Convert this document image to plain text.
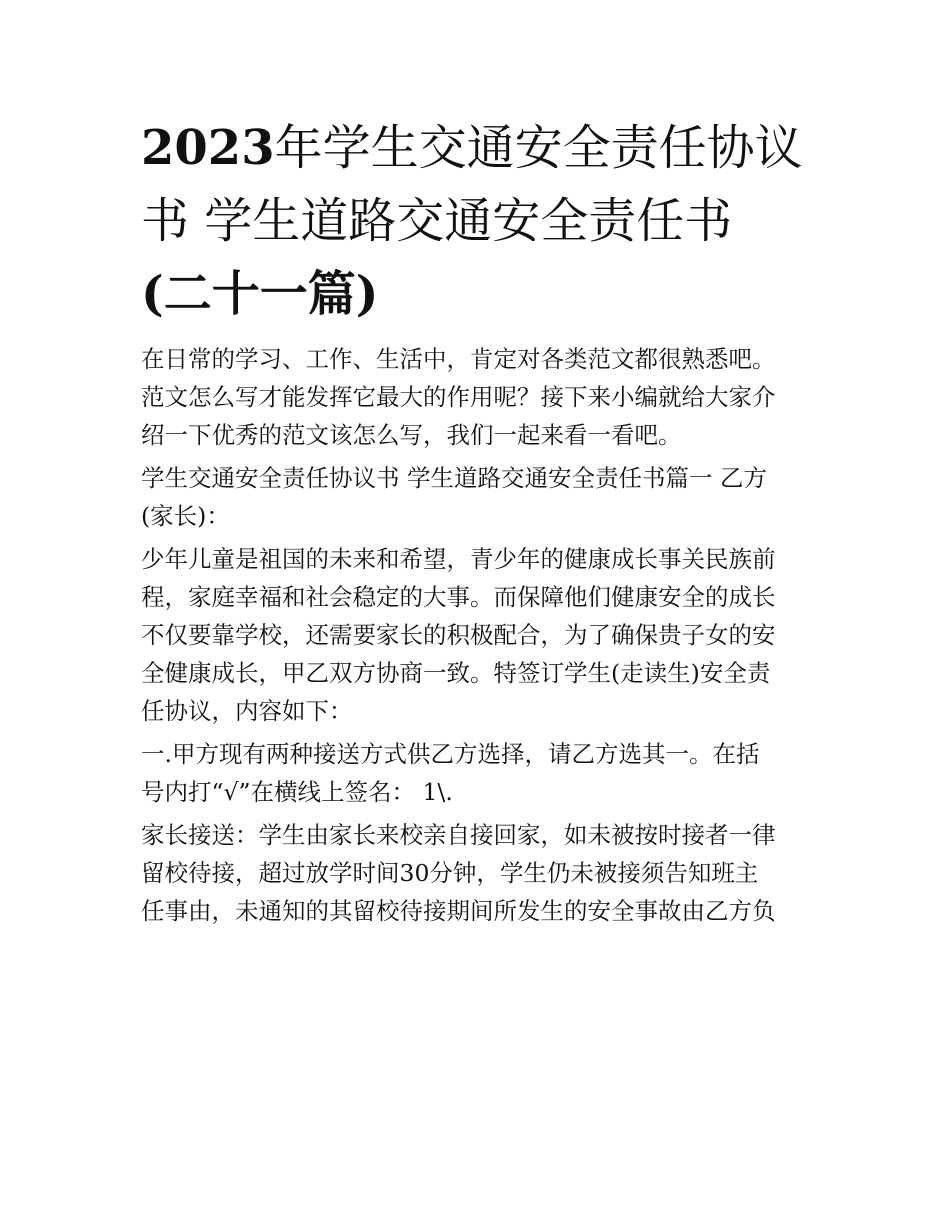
2023年学生交通安全责任协议
书 学生道路交通安全责任书
(二十一篇)
在日常的学习、工作、生活中，肯定对各类范文都很熟悉吧。
范文怎么写才能发挥它最大的作用呢？接下来小编就给大家介
绍一下优秀的范文该怎么写，我们一起来看一看吧。
学生交通安全责任协议书 学生道路交通安全责任书篇一 乙方
(家长)：
少年儿童是祖国的未来和希望，青少年的健康成长事关民族前
程，家庭幸福和社会稳定的大事。而保障他们健康安全的成长
不仅要靠学校，还需要家长的积极配合，为了确保贵子女的安
全健康成长，甲乙双方协商一致。特签订学生(走读生)安全责
任协议，内容如下：
一.甲方现有两种接送方式供乙方选择，请乙方选其一。在括
号内打“√”在横线上签名： 1\.
家长接送：学生由家长来校亲自接回家，如未被按时接者一律
留校待接，超过放学时间30分钟，学生仍未被接须告知班主
任事由，未通知的其留校待接期间所发生的安全事故由乙方负
